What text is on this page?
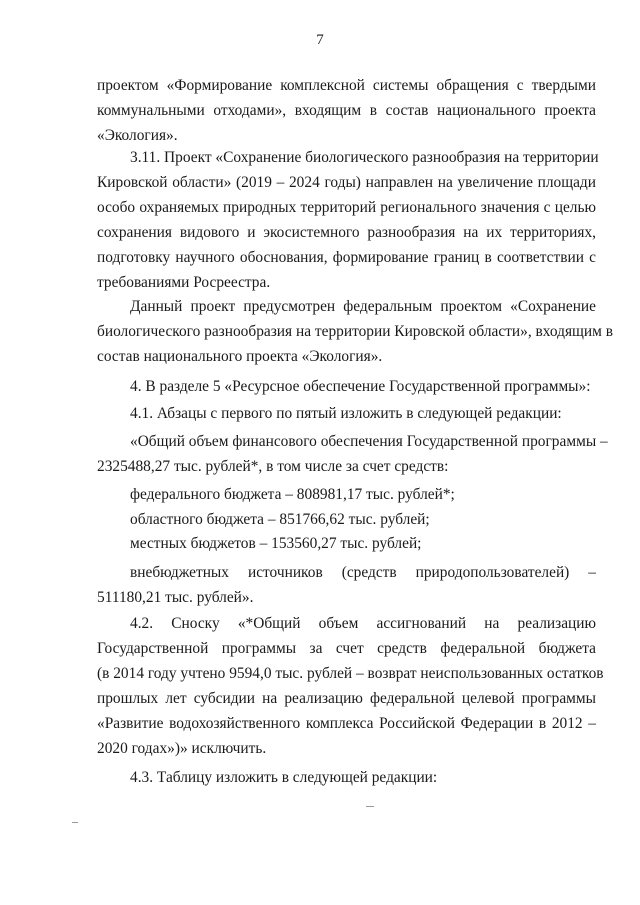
7
проектом «Формирование комплексной системы обращения с твердыми
коммунальными отходами», входящим в состав национального проекта
«Экология».
3.11. Проект «Сохранение биологического разнообразия на территории
Кировской области» (2019 – 2024 годы) направлен на увеличение площади
особо охраняемых природных территорий регионального значения с целью
сохранения видового и экосистемного разнообразия на их территориях,
подготовку научного обоснования, формирование границ в соответствии с
требованиями Росреестра.
Данный проект предусмотрен федеральным проектом «Сохранение
биологического разнообразия на территории Кировской области», входящим в
состав национального проекта «Экология».
4. В разделе 5 «Ресурсное обеспечение Государственной программы»:
4.1. Абзацы с первого по пятый изложить в следующей редакции:
«Общий объем финансового обеспечения Государственной программы –
2325488,27 тыс. рублей*, в том числе за счет средств:
федерального бюджета – 808981,17 тыс. рублей*;
областного бюджета – 851766,62 тыс. рублей;
местных бюджетов – 153560,27 тыс. рублей;
внебюджетных источников (средств природопользователей) –
511180,21 тыс. рублей».
4.2. Сноску «*Общий объем ассигнований на реализацию
Государственной программы за счет средств федеральной бюджета
(в 2014 году учтено 9594,0 тыс. рублей – возврат неиспользованных остатков
прошлых лет субсидии на реализацию федеральной целевой программы
«Развитие водохозяйственного комплекса Российской Федерации в 2012 –
2020 годах»)» исключить.
4.3. Таблицу изложить в следующей редакции:
